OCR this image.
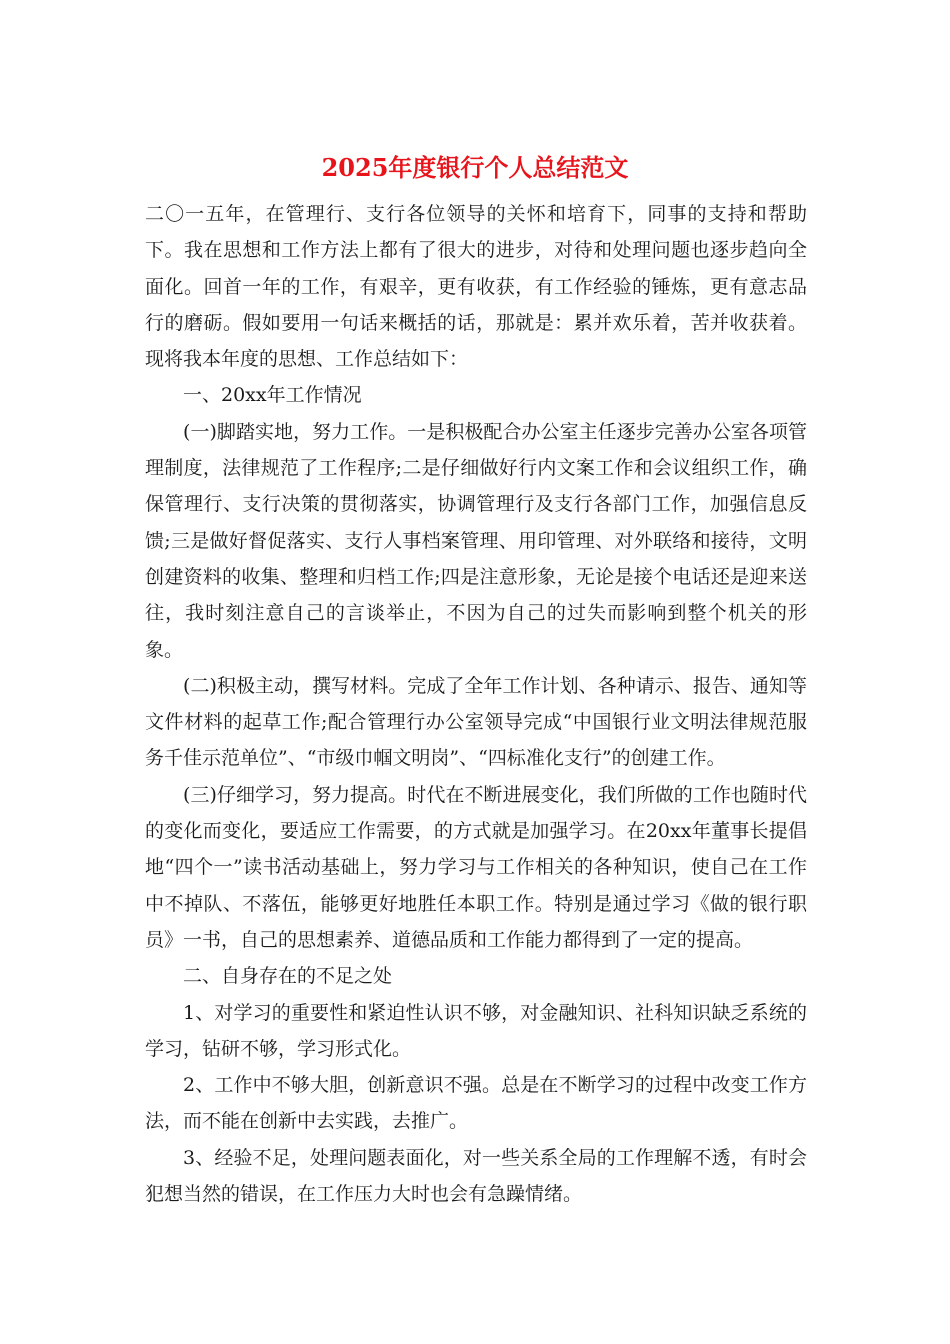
2025年度银行个人总结范文

二〇一五年，在管理行、支行各位领导的关怀和培育下，同事的支持和帮助下。我在思想和工作方法上都有了很大的进步，对待和处理问题也逐步趋向全面化。回首一年的工作，有艰辛，更有收获，有工作经验的锤炼，更有意志品行的磨砺。假如要用一句话来概括的话，那就是：累并欢乐着，苦并收获着。现将我本年度的思想、工作总结如下：

一、20xx年工作情况

(一)脚踏实地，努力工作。一是积极配合办公室主任逐步完善办公室各项管理制度，法律规范了工作程序;二是仔细做好行内文案工作和会议组织工作，确保管理行、支行决策的贯彻落实，协调管理行及支行各部门工作，加强信息反馈;三是做好督促落实、支行人事档案管理、用印管理、对外联络和接待，文明创建资料的收集、整理和归档工作;四是注意形象，无论是接个电话还是迎来送往，我时刻注意自己的言谈举止，不因为自己的过失而影响到整个机关的形象。

(二)积极主动，撰写材料。完成了全年工作计划、各种请示、报告、通知等文件材料的起草工作;配合管理行办公室领导完成“中国银行业文明法律规范服务千佳示范单位”、“市级巾帼文明岗”、“四标准化支行”的创建工作。

(三)仔细学习，努力提高。时代在不断进展变化，我们所做的工作也随时代的变化而变化，要适应工作需要，的方式就是加强学习。在20xx年董事长提倡地“四个一”读书活动基础上，努力学习与工作相关的各种知识，使自己在工作中不掉队、不落伍，能够更好地胜任本职工作。特别是通过学习《做的银行职员》一书，自己的思想素养、道德品质和工作能力都得到了一定的提高。

二、自身存在的不足之处

1、对学习的重要性和紧迫性认识不够，对金融知识、社科知识缺乏系统的学习，钻研不够，学习形式化。

2、工作中不够大胆，创新意识不强。总是在不断学习的过程中改变工作方法，而不能在创新中去实践，去推广。

3、经验不足，处理问题表面化，对一些关系全局的工作理解不透，有时会犯想当然的错误，在工作压力大时也会有急躁情绪。
